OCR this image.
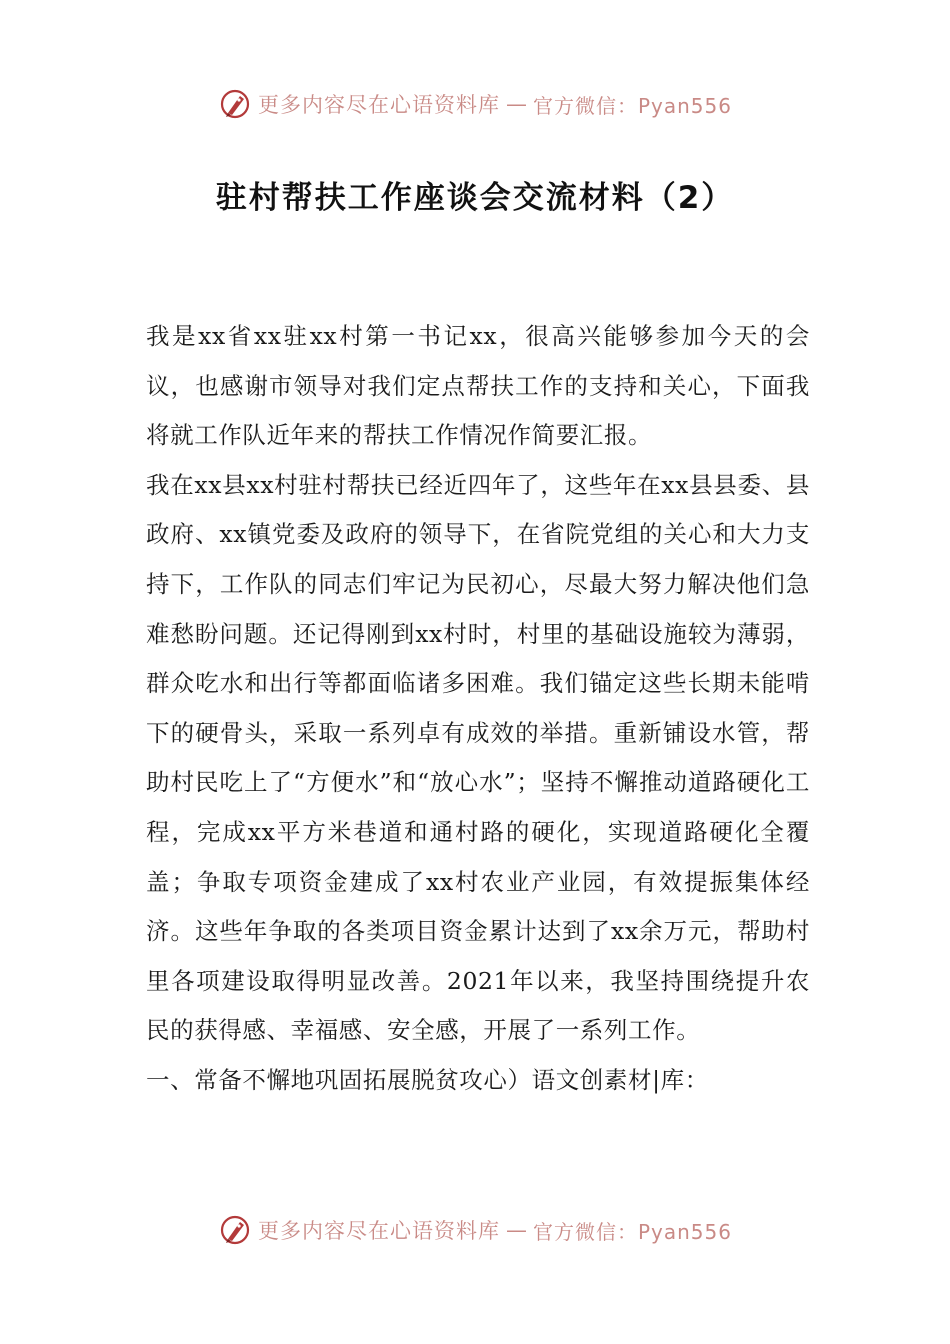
更多内容尽在心语资料库 — 官方微信：Pyan556
驻村帮扶工作座谈会交流材料（2）

我是xx省xx驻xx村第一书记xx，很高兴能够参加今天的会议，也感谢市领导对我们定点帮扶工作的支持和关心，下面我将就工作队近年来的帮扶工作情况作简要汇报。

我在xx县xx村驻村帮扶已经近四年了，这些年在xx县县委、县政府、xx镇党委及政府的领导下，在省院党组的关心和大力支持下，工作队的同志们牢记为民初心，尽最大努力解决他们急难愁盼问题。还记得刚到xx村时，村里的基础设施较为薄弱，群众吃水和出行等都面临诸多困难。我们锚定这些长期未能啃下的硬骨头，采取一系列卓有成效的举措。重新铺设水管，帮助村民吃上了“方便水”和“放心水”；坚持不懈推动道路硬化工程，完成xx平方米巷道和通村路的硬化，实现道路硬化全覆盖；争取专项资金建成了xx村农业产业园，有效提振集体经济。这些年争取的各类项目资金累计达到了xx余万元，帮助村里各项建设取得明显改善。2021年以来，我坚持围绕提升农民的获得感、幸福感、安全感，开展了一系列工作。

一、常备不懈地巩固拓展脱贫攻心）语文创素材|库：

更多内容尽在心语资料库 — 官方微信：Pyan556
